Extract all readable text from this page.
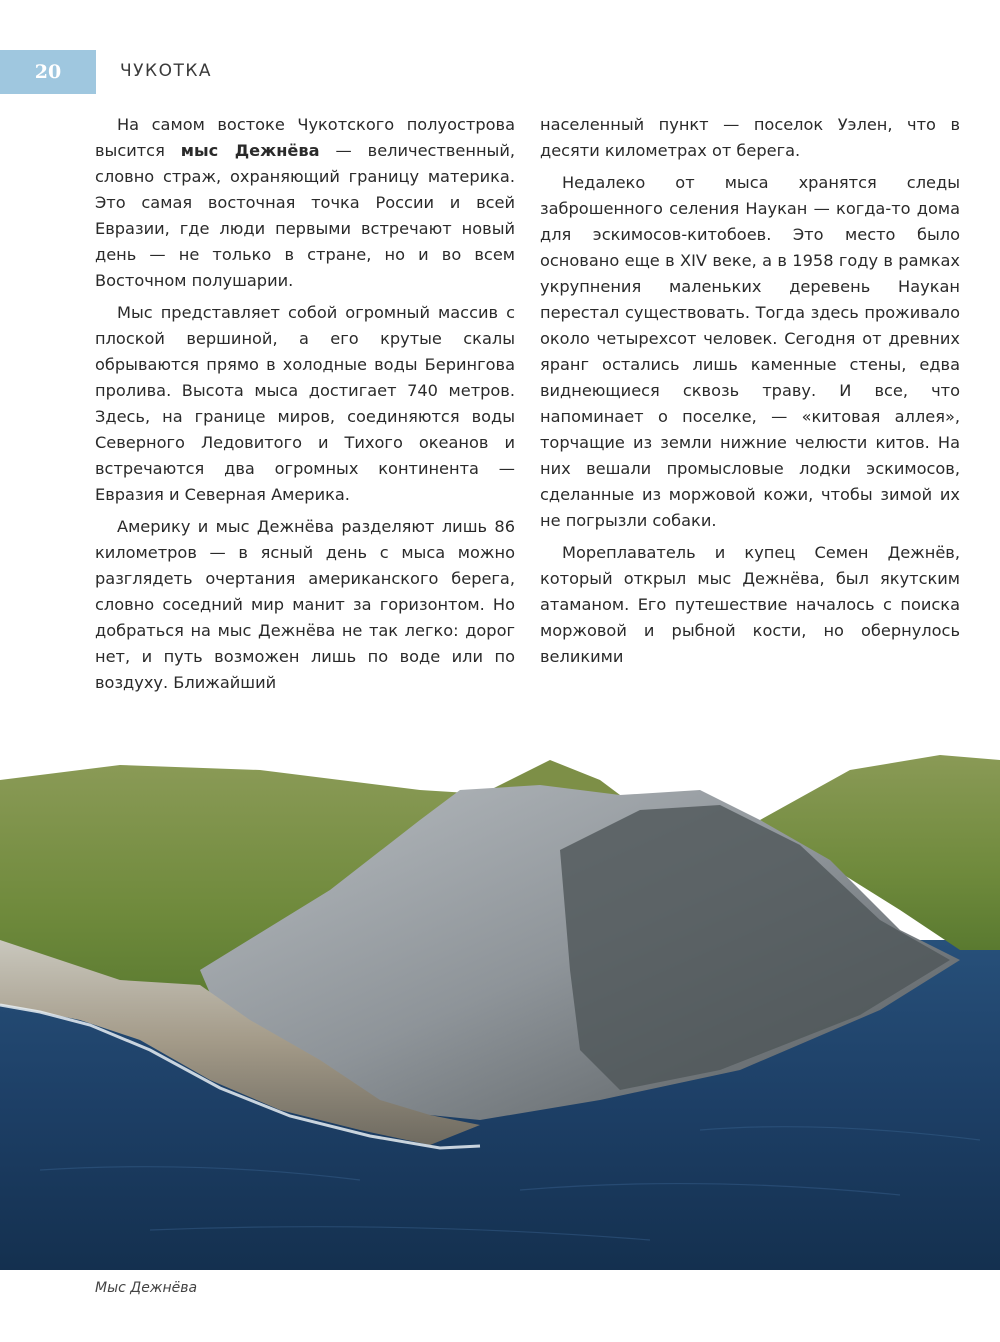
20	ЧУКОТКА

На самом востоке Чукотского полуострова высится мыс Дежнёва — величественный, словно страж, охраняющий границу материка. Это самая восточная точка России и всей Евразии, где люди первыми встречают новый день — не только в стране, но и во всем Восточном полушарии.

Мыс представляет собой огромный массив с плоской вершиной, а его крутые скалы обрываются прямо в холодные воды Берингова пролива. Высота мыса достигает 740 метров. Здесь, на границе миров, соединяются воды Северного Ледовитого и Тихого океанов и встречаются два огромных континента — Евразия и Северная Америка.

Америку и мыс Дежнёва разделяют лишь 86 километров — в ясный день с мыса можно разглядеть очертания американского берега, словно соседний мир манит за горизонтом. Но добраться на мыс Дежнёва не так легко: дорог нет, и путь возможен лишь по воде или по воздуху. Ближайший

населенный пункт — поселок Уэлен, что в десяти километрах от берега.

Недалеко от мыса хранятся следы заброшенного селения Наукан — когда-то дома для эскимосов-китобоев. Это место было основано еще в XIV веке, а в 1958 году в рамках укрупнения маленьких деревень Наукан перестал существовать. Тогда здесь проживало около четырехсот человек. Сегодня от древних яранг остались лишь каменные стены, едва виднеющиеся сквозь траву. И все, что напоминает о поселке, — «китовая аллея», торчащие из земли нижние челюсти китов. На них вешали промысловые лодки эскимосов, сделанные из моржовой кожи, чтобы зимой их не погрызли собаки.

Мореплаватель и купец Семен Дежнёв, который открыл мыс Дежнёва, был якутским атаманом. Его путешествие началось с поиска моржовой и рыбной кости, но обернулось великими

Мыс Дежнёва
